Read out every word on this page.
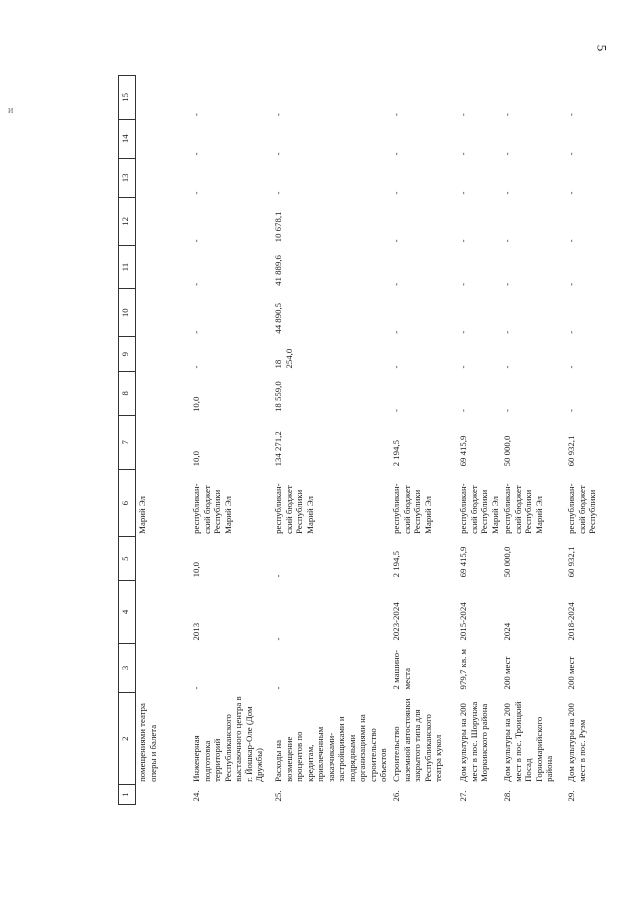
5
и
1	2	3	4	5	6	7	8	9	10	11	12	13	14	15
	помещениями театра оперы и балета				Марий Эл									
24.	Инженерная подготовка территорий Республиканского выставочного центра в г. Йошкар-Оле (Дом Дружбы)	-	2013	10,0	республикан-ский бюджет Республики Марий Эл	10,0	10,0	-	-	-	-	-	-	-
25.	Расходы на возмещение процентов по кредитам, привлеченным заказчиками-застройщиками и подрядными организациями на строительство объектов	-	-	-	республикан-ский бюджет Республики Марий Эл	134 271,2	18 559,0	18 254,0	44 890,5	41 889,6	10 678,1	-	-	-
26.	Строительство наземной автостоянки закрытого типа для Республиканского театра кукол	2 машино-места	2023-2024	2 194,5	республикан-ский бюджет Республики Марий Эл	2 194,5	-	-	-	-	-	-	-	-
27.	Дом культуры на 200 мест в пос. Шорунжа Моркинского района	979,7 кв. м	2015-2024	69 415,9	республикан-ский бюджет Республики Марий Эл	69 415,9	-	-	-	-	-	-	-	-
28.	Дом культуры на 200 мест в пос. Троицкий Посад Горномарийского района	200 мест	2024	50 000,0	республикан-ский бюджет Республики Марий Эл	50 000,0	-	-	-	-	-	-	-	-
29.	Дом культуры на 200 мест в пос. Руэм	200 мест	2018-2024	60 932,1	республикан-ский бюджет Республики	60 932,1	-	-	-	-	-	-	-	-
